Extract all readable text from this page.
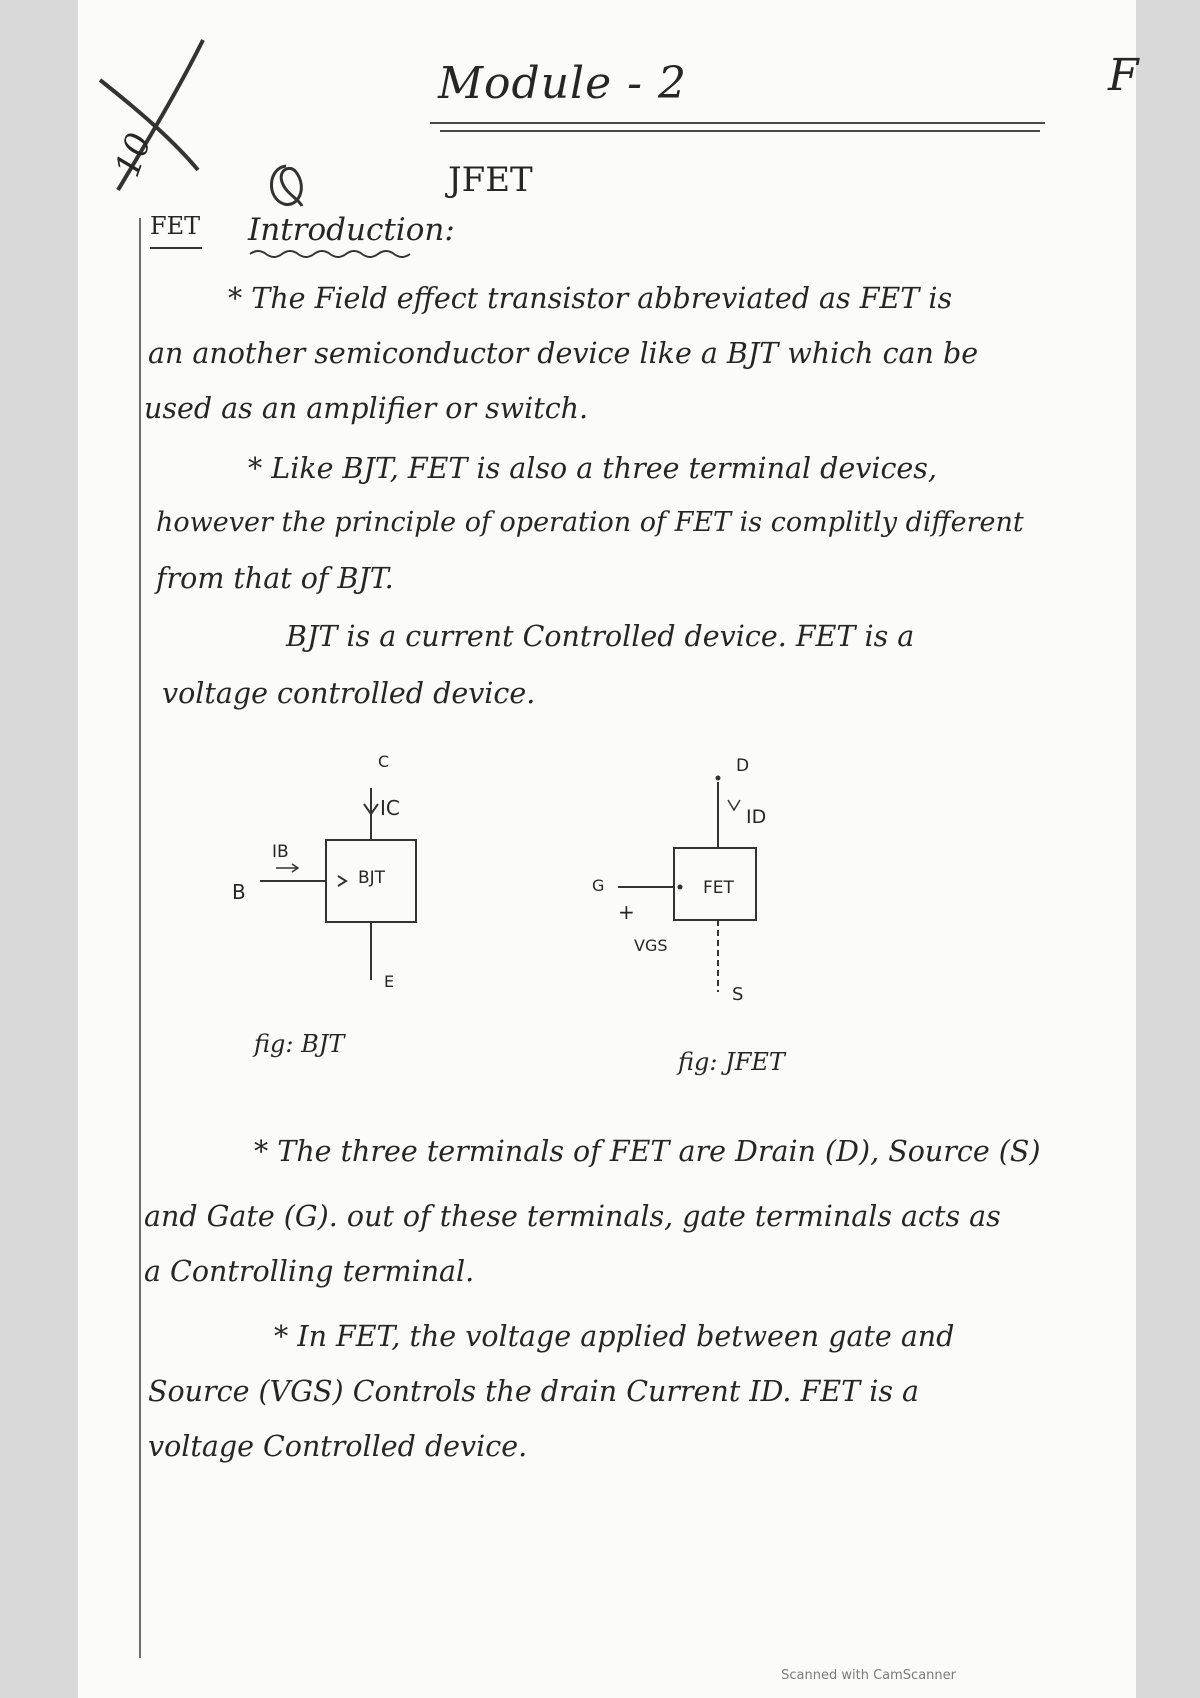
10
Module - 2	F
JFET
FET Introduction:
* The Field effect transistor abbreviated as FET is
an another semiconductor device like a BJT which can be
used as an amplifier or switch.
* Like BJT, FET is also a three terminal devices,
however the principle of operation of FET is complitly different
from that of BJT.
BJT is a current Controlled device. FET is a
voltage controlled device.
C
IC
IB
B
BJT
E
fig: BJT
D
ID
G	FET
+
VGS
S
fig: JFET
* The three terminals of FET are Drain (D), Source (S)
and Gate (G). out of these terminals, gate terminals acts as
a Controlling terminal.
* In FET, the voltage applied between gate and
Source (VGS) Controls the drain Current ID. FET is a
voltage Controlled device.
Scanned with CamScanner
